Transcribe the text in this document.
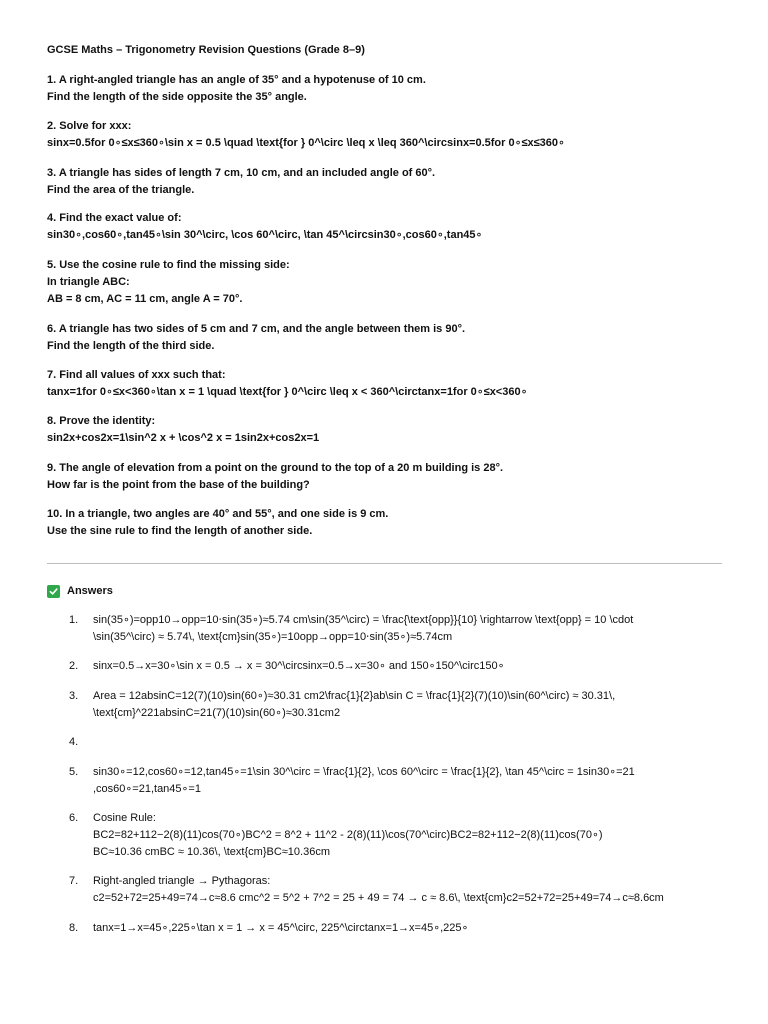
GCSE Maths – Trigonometry Revision Questions (Grade 8–9)
1. A right-angled triangle has an angle of 35° and a hypotenuse of 10 cm.
Find the length of the side opposite the 35° angle.
2. Solve for xxx:
sin⁡x=0.5for 0∘≤x≤360∘\sin x = 0.5 \quad \text{for } 0^\circ \leq x \leq 360^\circsinx=0.5for 0∘≤x≤360∘
3. A triangle has sides of length 7 cm, 10 cm, and an included angle of 60°.
Find the area of the triangle.
4. Find the exact value of:
sin⁡30∘,cos⁡60∘,tan⁡45∘\sin 30^\circ, \cos 60^\circ, \tan 45^\circsin30∘,cos60∘,tan45∘
5. Use the cosine rule to find the missing side:
In triangle ABC:
AB = 8 cm, AC = 11 cm, angle A = 70°.
6. A triangle has two sides of 5 cm and 7 cm, and the angle between them is 90°.
Find the length of the third side.
7. Find all values of xxx such that:
tan⁡x=1for 0∘≤x<360∘\tan x = 1 \quad \text{for } 0^\circ \leq x < 360^\circtanx=1for 0∘≤x<360∘
8. Prove the identity:
sin⁡2x+cos⁡2x=1\sin^2 x + \cos^2 x = 1sin2x+cos2x=1
9. The angle of elevation from a point on the ground to the top of a 20 m building is 28°.
How far is the point from the base of the building?
10. In a triangle, two angles are 40° and 55°, and one side is 9 cm.
Use the sine rule to find the length of another side.
Answers
1.	sin⁡(35∘)=opp10→opp=10⋅sin⁡(35∘)≈5.74 cm\sin(35^\circ) = \frac{\text{opp}}{10} \rightarrow \text{opp} = 10 \cdot
\sin(35^\circ) ≈ 5.74\, \text{cm}sin(35∘)=10opp→opp=10⋅sin(35∘)≈5.74cm
2.	sin⁡x=0.5→x=30∘\sin x = 0.5 → x = 30^\circsinx=0.5→x=30∘ and 150∘150^\circ150∘
3.	Area = 12absin⁡C=12(7)(10)sin⁡(60∘)≈30.31 cm2\frac{1}{2}ab\sin C = \frac{1}{2}(7)(10)\sin(60^\circ) ≈ 30.31\,
\text{cm}^221absinC=21(7)(10)sin(60∘)≈30.31cm2
4.
5.	sin⁡30∘=12,cos⁡60∘=12,tan⁡45∘=1\sin 30^\circ = \frac{1}{2}, \cos 60^\circ = \frac{1}{2}, \tan 45^\circ = 1sin30∘=21
,cos60∘=21,tan45∘=1
6.	Cosine Rule:
BC2=82+112−2(8)(11)cos⁡(70∘)BC^2 = 8^2 + 11^2 - 2(8)(11)\cos(70^\circ)BC2=82+112−2(8)(11)cos(70∘)
BC≈10.36 cmBC ≈ 10.36\, \text{cm}BC≈10.36cm
7.	Right-angled triangle → Pythagoras:
c2=52+72=25+49=74→c≈8.6 cmc^2 = 5^2 + 7^2 = 25 + 49 = 74 → c ≈ 8.6\, \text{cm}c2=52+72=25+49=74→c≈8.6cm
8.	tan⁡x=1→x=45∘,225∘\tan x = 1 → x = 45^\circ, 225^\circtanx=1→x=45∘,225∘
